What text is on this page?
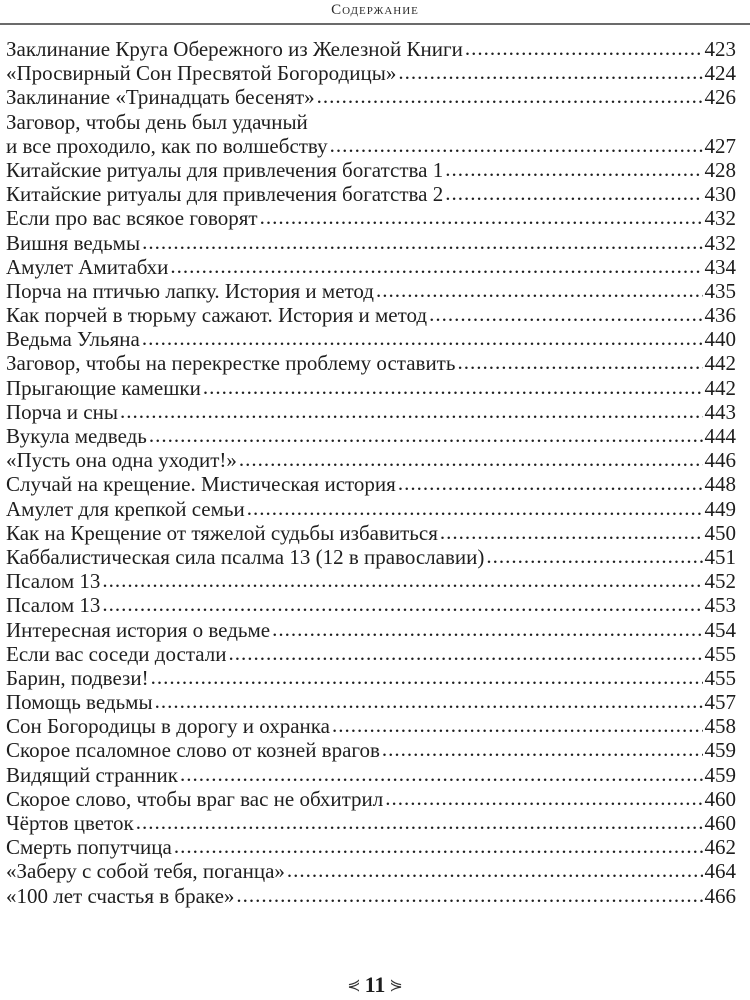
Содержание
Заклинание Круга Обережного из Железной Книги .....	423
«Просвирный Сон Пресвятой Богородицы» .....	424
Заклинание «Тринадцать бесенят» .....	426
Заговор, чтобы день был удачный
и все проходило, как по волшебству .....	427
Китайские ритуалы для привлечения богатства 1 .....	428
Китайские ритуалы для привлечения богатства 2 .....	430
Если про вас всякое говорят .....	432
Вишня ведьмы .....	432
Амулет Амитабхи .....	434
Порча на птичью лапку. История и метод .....	435
Как порчей в тюрьму сажают. История и метод .....	436
Ведьма Ульяна .....	440
Заговор, чтобы на перекрестке проблему оставить .....	442
Прыгающие камешки .....	442
Порча и сны .....	443
Вукула медведь .....	444
«Пусть она одна уходит!» .....	446
Случай на крещение. Мистическая история .....	448
Амулет для крепкой семьи .....	449
Как на Крещение от тяжелой судьбы избавиться .....	450
Каббалистическая сила псалма 13 (12 в православии) .....	451
Псалом 13 .....	452
Псалом 13 .....	453
Интересная история о ведьме .....	454
Если вас соседи достали .....	455
Барин, подвези! .....	455
Помощь ведьмы .....	457
Сон Богородицы в дорогу и охранка .....	458
Скорое псаломное слово от козней врагов .....	459
Видящий странник .....	459
Скорое слово, чтобы враг вас не обхитрил .....	460
Чёртов цветок .....	460
Смерть попутчица .....	462
«Заберу с собой тебя, поганца» .....	464
«100 лет счастья в браке» .....	466
⋞ 11 ⋟
